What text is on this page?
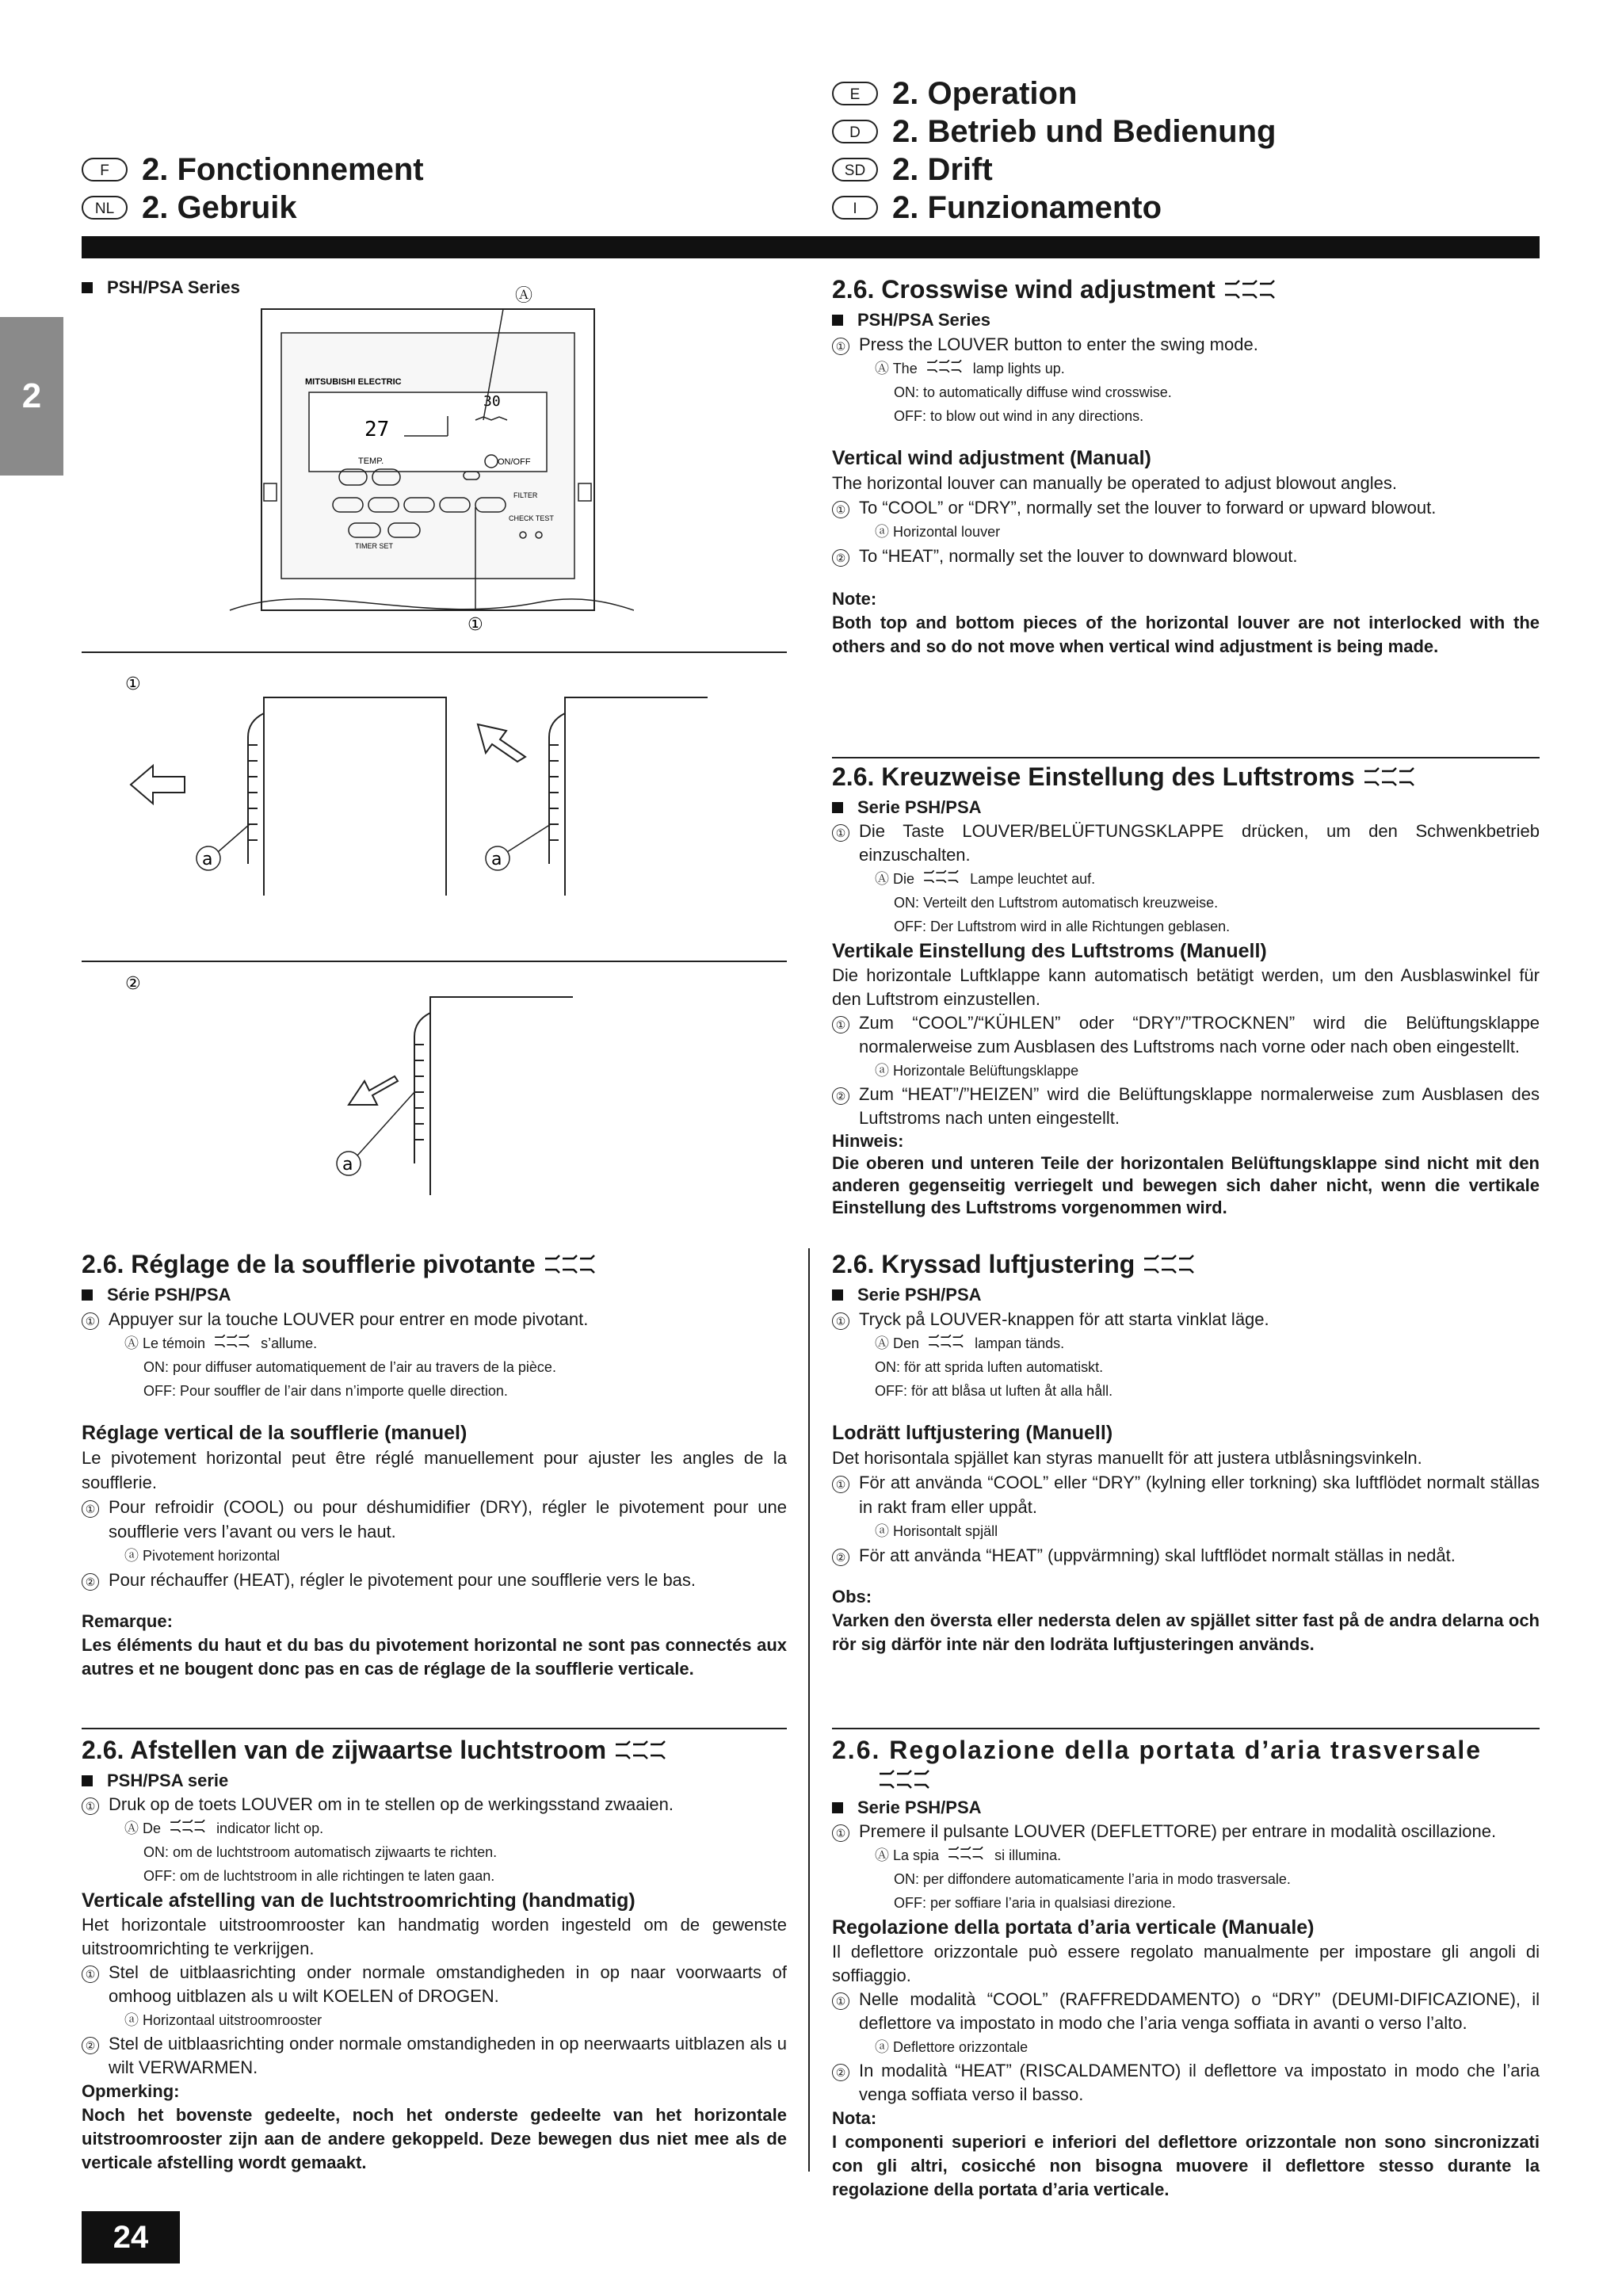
F	2. Fonctionnement
NL 2. Gebruik
E	2. Operation
D	2. Betrieb und Bedienung
SD 2. Drift
I	2. Funzionamento
2
PSH/PSA Series	Ⓐ
MITSUBISHI ELECTRIC
27
30
TEMP.	ON/OFF
FILTER
CHECK TEST
TIMER SET
①
①
a	a
②
a
2.6. Crosswise wind adjustment
PSH/PSA Series
① Press the LOUVER button to enter the swing mode.
Ⓐ The	lamp lights up.
ON: to automatically diffuse wind crosswise.
OFF: to blow out wind in any directions.
Vertical wind adjustment (Manual)
The horizontal louver can manually be operated to adjust blowout angles.
① To “COOL” or “DRY”, normally set the louver to forward or upward blowout.
ⓐ Horizontal louver
② To “HEAT”, normally set the louver to downward blowout.
Note:
Both top and bottom pieces of the horizontal louver are not interlocked with the others and so do not move when vertical wind adjustment is being made.
2.6. Kreuzweise Einstellung des Luftstroms
Serie PSH/PSA
① Die Taste LOUVER/BELÜFTUNGSKLAPPE drücken, um den Schwenkbetrieb einzuschalten.
Ⓐ Die	Lampe leuchtet auf.
ON: Verteilt den Luftstrom automatisch kreuzweise.
OFF: Der Luftstrom wird in alle Richtungen geblasen.
Vertikale Einstellung des Luftstroms (Manuell)
Die horizontale Luftklappe kann automatisch betätigt werden, um den Ausblaswinkel für den Luftstrom einzustellen.
① Zum “COOL”/“KÜHLEN” oder “DRY”/”TROCKNEN” wird die Belüftungsklappe normalerweise zum Ausblasen des Luftstroms nach vorne oder nach oben eingestellt.
ⓐ Horizontale Belüftungsklappe
② Zum “HEAT”/”HEIZEN” wird die Belüftungsklappe normalerweise zum Ausblasen des Luftstroms nach unten eingestellt.
Hinweis:
Die oberen und unteren Teile der horizontalen Belüftungsklappe sind nicht mit den anderen gegenseitig verriegelt und bewegen sich daher nicht, wenn die vertikale Einstellung des Luftstroms vorgenommen wird.
2.6. Kryssad luftjustering
Serie PSH/PSA
① Tryck på LOUVER-knappen för att starta vinklat läge.
Ⓐ Den	lampan tänds.
ON: för att sprida luften automatiskt.
OFF: för att blåsa ut luften åt alla håll.
Lodrätt luftjustering (Manuell)
Det horisontala spjället kan styras manuellt för att justera utblåsningsvinkeln.
① För att använda “COOL” eller “DRY” (kylning eller torkning) ska luftflödet normalt ställas in rakt fram eller uppåt.
ⓐ Horisontalt spjäll
② För att använda “HEAT” (uppvärmning) skal luftflödet normalt ställas in nedåt.
Obs:
Varken den översta eller nedersta delen av spjället sitter fast på de andra delarna och rör sig därför inte när den lodräta luftjusteringen används.
2.6. Regolazione della portata d’aria trasversale
Serie PSH/PSA
① Premere il pulsante LOUVER (DEFLETTORE) per entrare in modalità oscillazione.
Ⓐ La spia	si illumina.
ON: per diffondere automaticamente l’aria in modo trasversale.
OFF: per soffiare l’aria in qualsiasi direzione.
Regolazione della portata d’aria verticale (Manuale)
Il deflettore orizzontale può essere regolato manualmente per impostare gli angoli di soffiaggio.
① Nelle modalità “COOL” (RAFFREDDAMENTO) o “DRY” (DEUMI-DIFICAZIONE), il deflettore va impostato in modo che l’aria venga soffiata in avanti o verso l’alto.
ⓐ Deflettore orizzontale
② In modalità “HEAT” (RISCALDAMENTO) il deflettore va impostato in modo che l’aria venga soffiata verso il basso.
Nota:
I componenti superiori e inferiori del deflettore orizzontale non sono sincronizzati con gli altri, cosicché non bisogna muovere il deflettore stesso durante la regolazione della portata d’aria verticale.
2.6. Réglage de la soufflerie pivotante
Série PSH/PSA
① Appuyer sur la touche LOUVER pour entrer en mode pivotant.
Ⓐ Le témoin	s’allume.
ON: pour diffuser automatiquement de l’air au travers de la pièce.
OFF: Pour souffler de l’air dans n’importe quelle direction.
Réglage vertical de la soufflerie (manuel)
Le pivotement horizontal peut être réglé manuellement pour ajuster les angles de la soufflerie.
① Pour refroidir (COOL) ou pour déshumidifier (DRY), régler le pivotement pour une soufflerie vers l’avant ou vers le haut.
ⓐ Pivotement horizontal
② Pour réchauffer (HEAT), régler le pivotement pour une soufflerie vers le bas.
Remarque:
Les éléments du haut et du bas du pivotement horizontal ne sont pas connectés aux autres et ne bougent donc pas en cas de réglage de la soufflerie verticale.
2.6. Afstellen van de zijwaartse luchtstroom
PSH/PSA serie
① Druk op de toets LOUVER om in te stellen op de werkingsstand zwaaien.
Ⓐ De	indicator licht op.
ON: om de luchtstroom automatisch zijwaarts te richten.
OFF: om de luchtstroom in alle richtingen te laten gaan.
Verticale afstelling van de luchtstroomrichting (handmatig)
Het horizontale uitstroomrooster kan handmatig worden ingesteld om de gewenste uitstroomrichting te verkrijgen.
① Stel de uitblaasrichting onder normale omstandigheden in op naar voorwaarts of omhoog uitblazen als u wilt KOELEN of DROGEN.
ⓐ Horizontaal uitstroomrooster
② Stel de uitblaasrichting onder normale omstandigheden in op neerwaarts uitblazen als u wilt VERWARMEN.
Opmerking:
Noch het bovenste gedeelte, noch het onderste gedeelte van het horizontale uitstroomrooster zijn aan de andere gekoppeld. Deze bewegen dus niet mee als de verticale afstelling wordt gemaakt.
24
